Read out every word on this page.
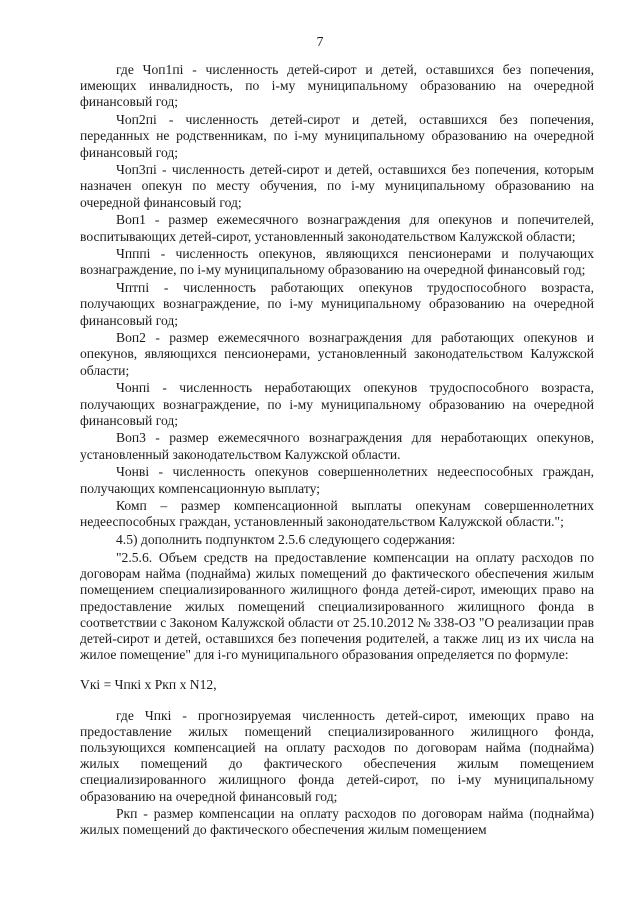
7

где Чоп1пі - численность детей-сирот и детей, оставшихся без попечения, имеющих инвалидность, по і-му муниципальному образованию на очередной финансовый год;

Чоп2пі - численность детей-сирот и детей, оставшихся без попечения, переданных не родственникам, по і-му муниципальному образованию на очередной финансовый год;

Чоп3пі - численность детей-сирот и детей, оставшихся без попечения, которым назначен опекун по месту обучения, по і-му муниципальному образованию на очередной финансовый год;

Воп1 - размер ежемесячного вознаграждения для опекунов и попечителей, воспитывающих детей-сирот, установленный законодательством Калужской области;

Чпппі - численность опекунов, являющихся пенсионерами и получающих вознаграждение, по і-му муниципальному образованию на очередной финансовый год;

Чптпі - численность работающих опекунов трудоспособного возраста, получающих вознаграждение, по і-му муниципальному образованию на очередной финансовый год;

Воп2 - размер ежемесячного вознаграждения для работающих опекунов и опекунов, являющихся пенсионерами, установленный законодательством Калужской области;

Чонпі - численность неработающих опекунов трудоспособного возраста, получающих вознаграждение, по і-му муниципальному образованию на очередной финансовый год;

Воп3 - размер ежемесячного вознаграждения для неработающих опекунов, установленный законодательством Калужской области.

Чонві - численность опекунов совершеннолетних недееспособных граждан, получающих компенсационную выплату;

Комп – размер компенсационной выплаты опекунам совершеннолетних недееспособных граждан, установленный законодательством Калужской области.";

4.5) дополнить подпунктом 2.5.6 следующего содержания:

"2.5.6. Объем средств на предоставление компенсации на оплату расходов по договорам найма (поднайма) жилых помещений до фактического обеспечения жилым помещением специализированного жилищного фонда детей-сирот, имеющих право на предоставление жилых помещений специализированного жилищного фонда в соответствии с Законом Калужской области от 25.10.2012 № 338-ОЗ "О реализации прав детей-сирот и детей, оставшихся без попечения родителей, а также лиц из их числа на жилое помещение" для і-го муниципального образования определяется по формуле:

Vкі = Чпкі х Ркп х N12,

где Чпкі - прогнозируемая численность детей-сирот, имеющих право на предоставление жилых помещений специализированного жилищного фонда, пользующихся компенсацией на оплату расходов по договорам найма (поднайма) жилых помещений до фактического обеспечения жилым помещением специализированного жилищного фонда детей-сирот, по і-му муниципальному образованию на очередной финансовый год;

Ркп - размер компенсации на оплату расходов по договорам найма (поднайма) жилых помещений до фактического обеспечения жилым помещением
